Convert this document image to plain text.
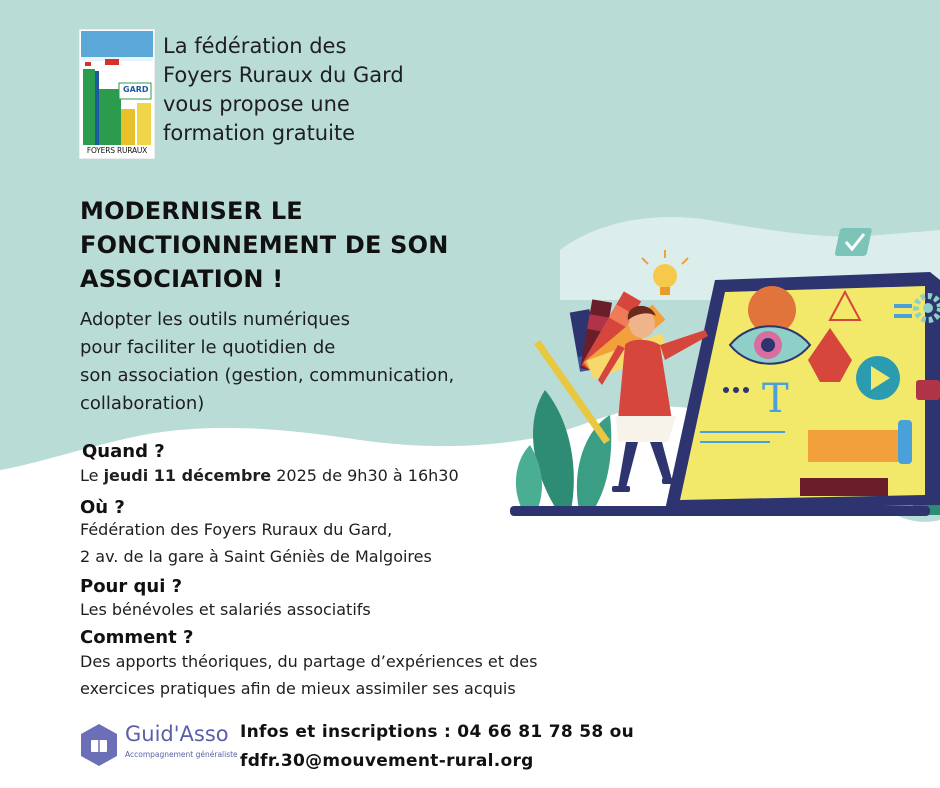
GARD
FOYERS RURAUX
La fédération des
Foyers Ruraux du Gard
vous propose une
formation gratuite
MODERNISER LE
FONCTIONNEMENT DE SON
ASSOCIATION !
Adopter les outils numériques
pour faciliter le quotidien de
son association (gestion, communication,
collaboration)	T
Quand ?
Le jeudi 11 décembre 2025 de 9h30 à 16h30
Où ?
Fédération des Foyers Ruraux du Gard,
2 av. de la gare à Saint Géniès de Malgoires
Pour qui ?
Les bénévoles et salariés associatifs
Comment ?
Des apports théoriques, du partage d’expériences et des
exercices pratiques afin de mieux assimiler ses acquis
Guid'Asso
Accompagnement généraliste
Infos et inscriptions : 04 66 81 78 58 ou
fdfr.30@mouvement-rural.org
